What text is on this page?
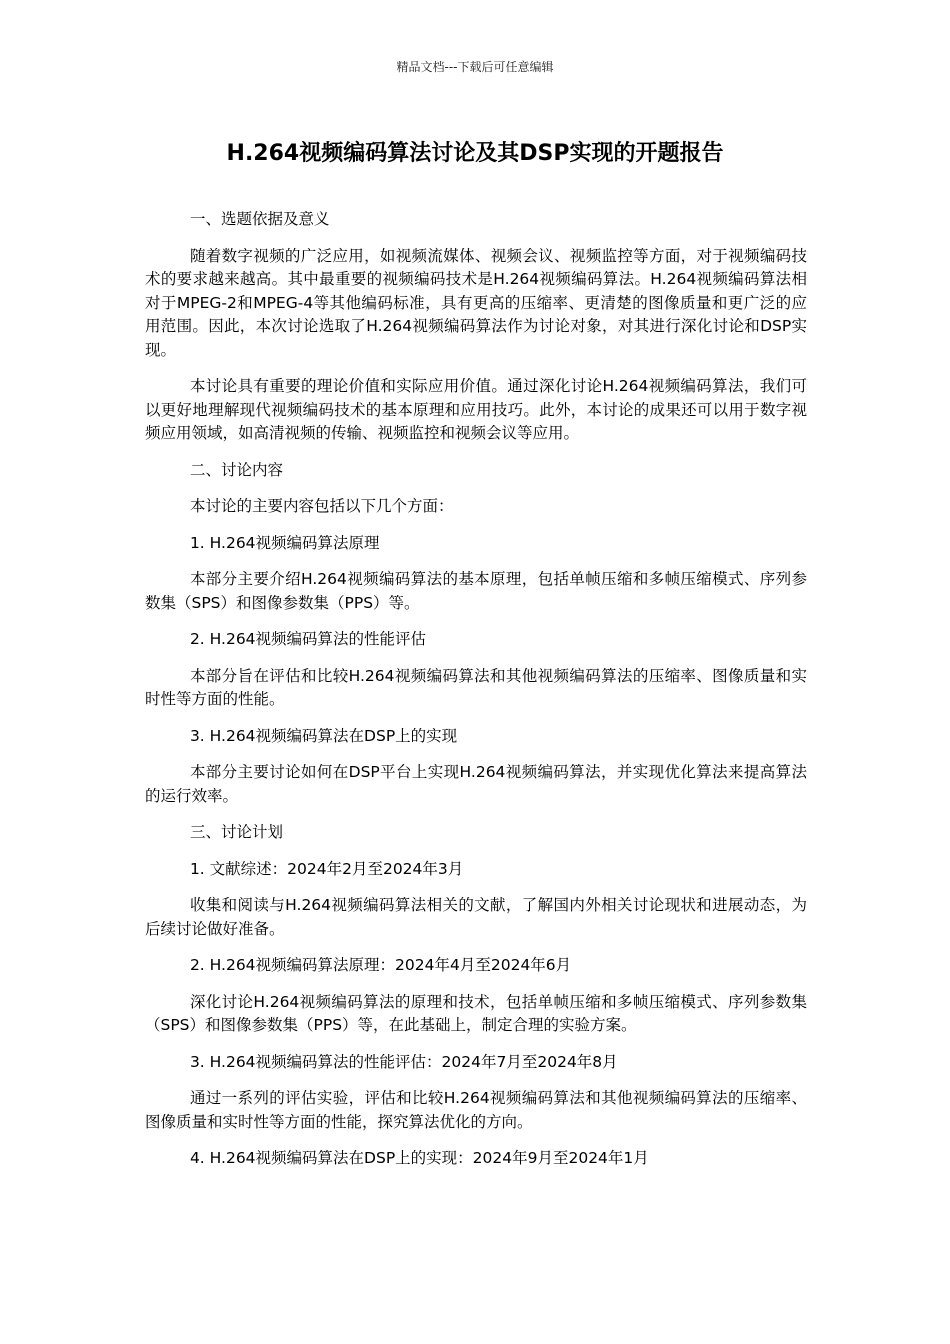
精品文档---下载后可任意编辑
H.264视频编码算法讨论及其DSP实现的开题报告

一、选题依据及意义

随着数字视频的广泛应用，如视频流媒体、视频会议、视频监控等方面，对于视频编码技术的要求越来越高。其中最重要的视频编码技术是H.264视频编码算法。H.264视频编码算法相对于MPEG-2和MPEG-4等其他编码标准，具有更高的压缩率、更清楚的图像质量和更广泛的应用范围。因此，本次讨论选取了H.264视频编码算法作为讨论对象，对其进行深化讨论和DSP实现。

本讨论具有重要的理论价值和实际应用价值。通过深化讨论H.264视频编码算法，我们可以更好地理解现代视频编码技术的基本原理和应用技巧。此外，本讨论的成果还可以用于数字视频应用领域，如高清视频的传输、视频监控和视频会议等应用。

二、讨论内容

本讨论的主要内容包括以下几个方面：

1. H.264视频编码算法原理

本部分主要介绍H.264视频编码算法的基本原理，包括单帧压缩和多帧压缩模式、序列参数集（SPS）和图像参数集（PPS）等。

2. H.264视频编码算法的性能评估

本部分旨在评估和比较H.264视频编码算法和其他视频编码算法的压缩率、图像质量和实时性等方面的性能。

3. H.264视频编码算法在DSP上的实现

本部分主要讨论如何在DSP平台上实现H.264视频编码算法，并实现优化算法来提高算法的运行效率。

三、讨论计划

1. 文献综述：2024年2月至2024年3月

收集和阅读与H.264视频编码算法相关的文献，了解国内外相关讨论现状和进展动态，为后续讨论做好准备。

2. H.264视频编码算法原理：2024年4月至2024年6月

深化讨论H.264视频编码算法的原理和技术，包括单帧压缩和多帧压缩模式、序列参数集（SPS）和图像参数集（PPS）等，在此基础上，制定合理的实验方案。

3. H.264视频编码算法的性能评估：2024年7月至2024年8月

通过一系列的评估实验，评估和比较H.264视频编码算法和其他视频编码算法的压缩率、图像质量和实时性等方面的性能，探究算法优化的方向。

4. H.264视频编码算法在DSP上的实现：2024年9月至2024年1月
